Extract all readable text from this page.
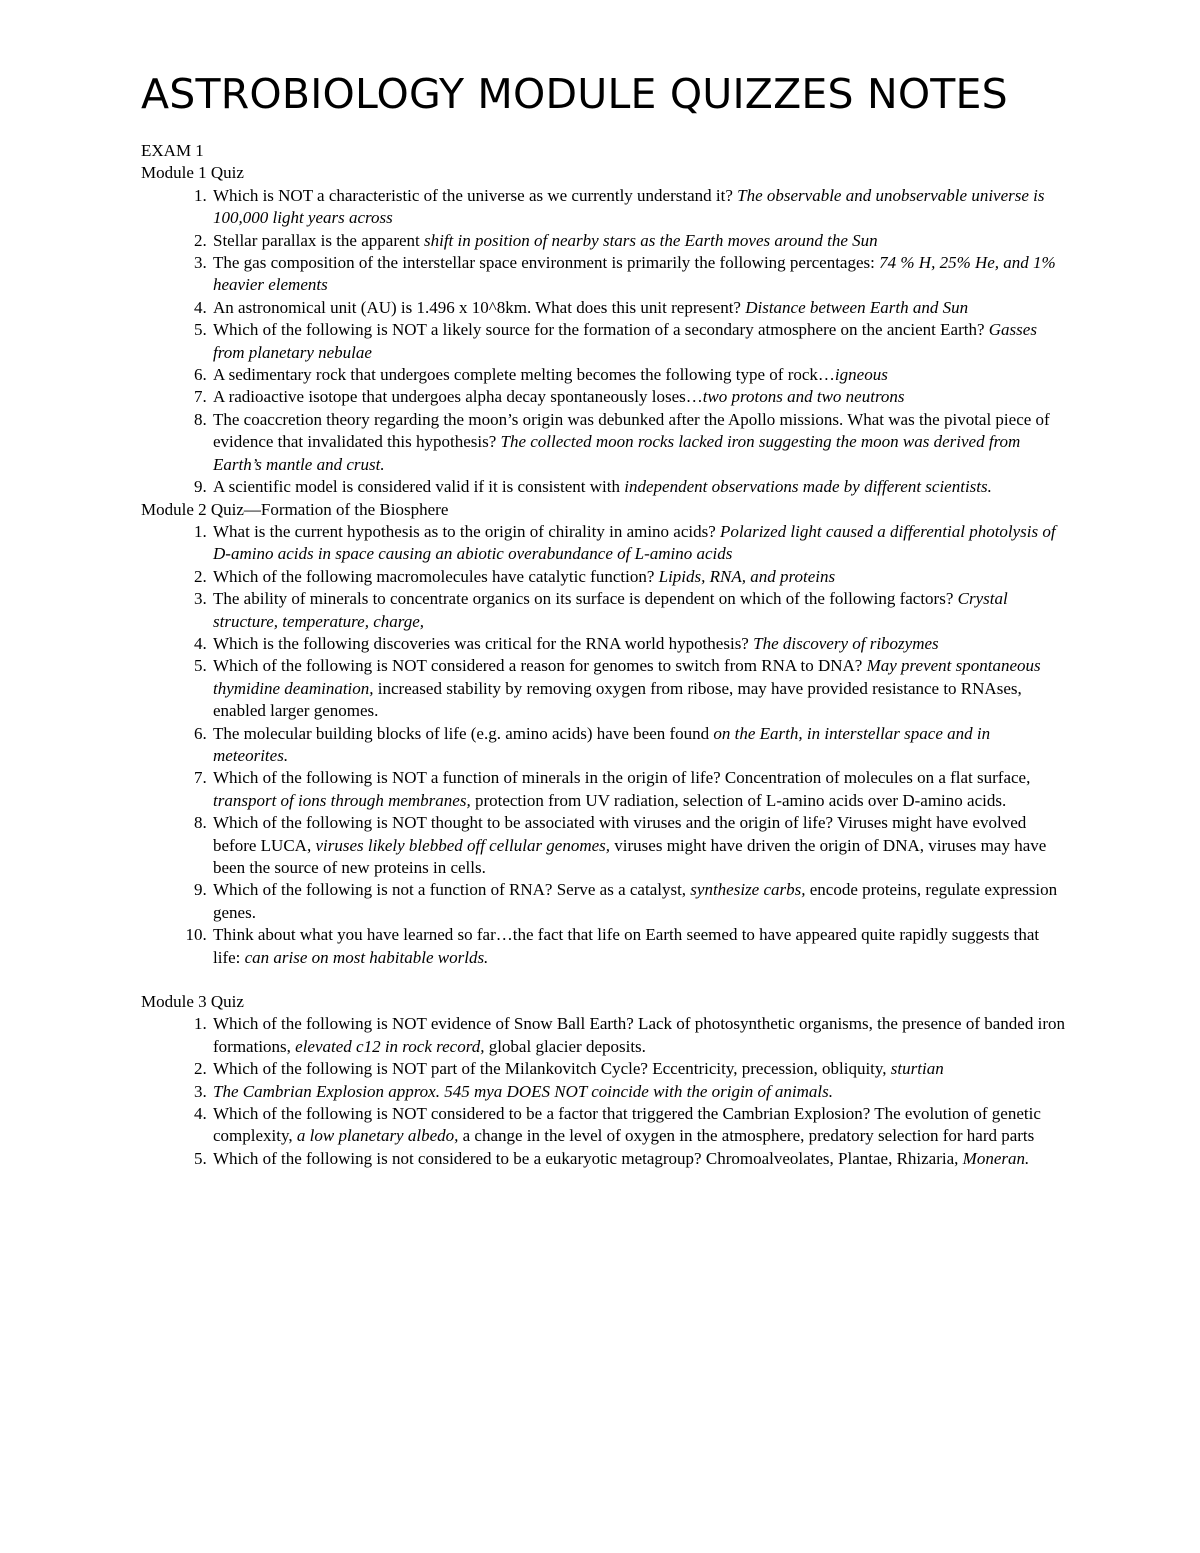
ASTROBIOLOGY MODULE QUIZZES NOTES

EXAM 1

Module 1 Quiz

1. Which is NOT a characteristic of the universe as we currently understand it? The observable and unobservable universe is 100,000 light years across
2. Stellar parallax is the apparent shift in position of nearby stars as the Earth moves around the Sun
3. The gas composition of the interstellar space environment is primarily the following percentages: 74 % H, 25% He, and 1% heavier elements
4. An astronomical unit (AU) is 1.496 x 10^8km. What does this unit represent? Distance between Earth and Sun
5. Which of the following is NOT a likely source for the formation of a secondary atmosphere on the ancient Earth? Gasses from planetary nebulae
6. A sedimentary rock that undergoes complete melting becomes the following type of rock…igneous
7. A radioactive isotope that undergoes alpha decay spontaneously loses…two protons and two neutrons
8. The coaccretion theory regarding the moon’s origin was debunked after the Apollo missions. What was the pivotal piece of evidence that invalidated this hypothesis? The collected moon rocks lacked iron suggesting the moon was derived from Earth’s mantle and crust.
9. A scientific model is considered valid if it is consistent with independent observations made by different scientists.

Module 2 Quiz—Formation of the Biosphere

1. What is the current hypothesis as to the origin of chirality in amino acids? Polarized light caused a differential photolysis of D-amino acids in space causing an abiotic overabundance of L-amino acids
2. Which of the following macromolecules have catalytic function? Lipids, RNA, and proteins
3. The ability of minerals to concentrate organics on its surface is dependent on which of the following factors? Crystal structure, temperature, charge,
4. Which is the following discoveries was critical for the RNA world hypothesis? The discovery of ribozymes
5. Which of the following is NOT considered a reason for genomes to switch from RNA to DNA? May prevent spontaneous thymidine deamination, increased stability by removing oxygen from ribose, may have provided resistance to RNAses, enabled larger genomes.
6. The molecular building blocks of life (e.g. amino acids) have been found on the Earth, in interstellar space and in meteorites.
7. Which of the following is NOT a function of minerals in the origin of life? Concentration of molecules on a flat surface, transport of ions through membranes, protection from UV radiation, selection of L-amino acids over D-amino acids.
8. Which of the following is NOT thought to be associated with viruses and the origin of life? Viruses might have evolved before LUCA, viruses likely blebbed off cellular genomes, viruses might have driven the origin of DNA, viruses may have been the source of new proteins in cells.
9. Which of the following is not a function of RNA? Serve as a catalyst, synthesize carbs, encode proteins, regulate expression genes.
10. Think about what you have learned so far…the fact that life on Earth seemed to have appeared quite rapidly suggests that life: can arise on most habitable worlds.

Module 3 Quiz

1. Which of the following is NOT evidence of Snow Ball Earth? Lack of photosynthetic organisms, the presence of banded iron formations, elevated c12 in rock record, global glacier deposits.
2. Which of the following is NOT part of the Milankovitch Cycle? Eccentricity, precession, obliquity, sturtian
3. The Cambrian Explosion approx. 545 mya DOES NOT coincide with the origin of animals.
4. Which of the following is NOT considered to be a factor that triggered the Cambrian Explosion? The evolution of genetic complexity, a low planetary albedo, a change in the level of oxygen in the atmosphere, predatory selection for hard parts
5. Which of the following is not considered to be a eukaryotic metagroup? Chromoalveolates, Plantae, Rhizaria, Moneran.
